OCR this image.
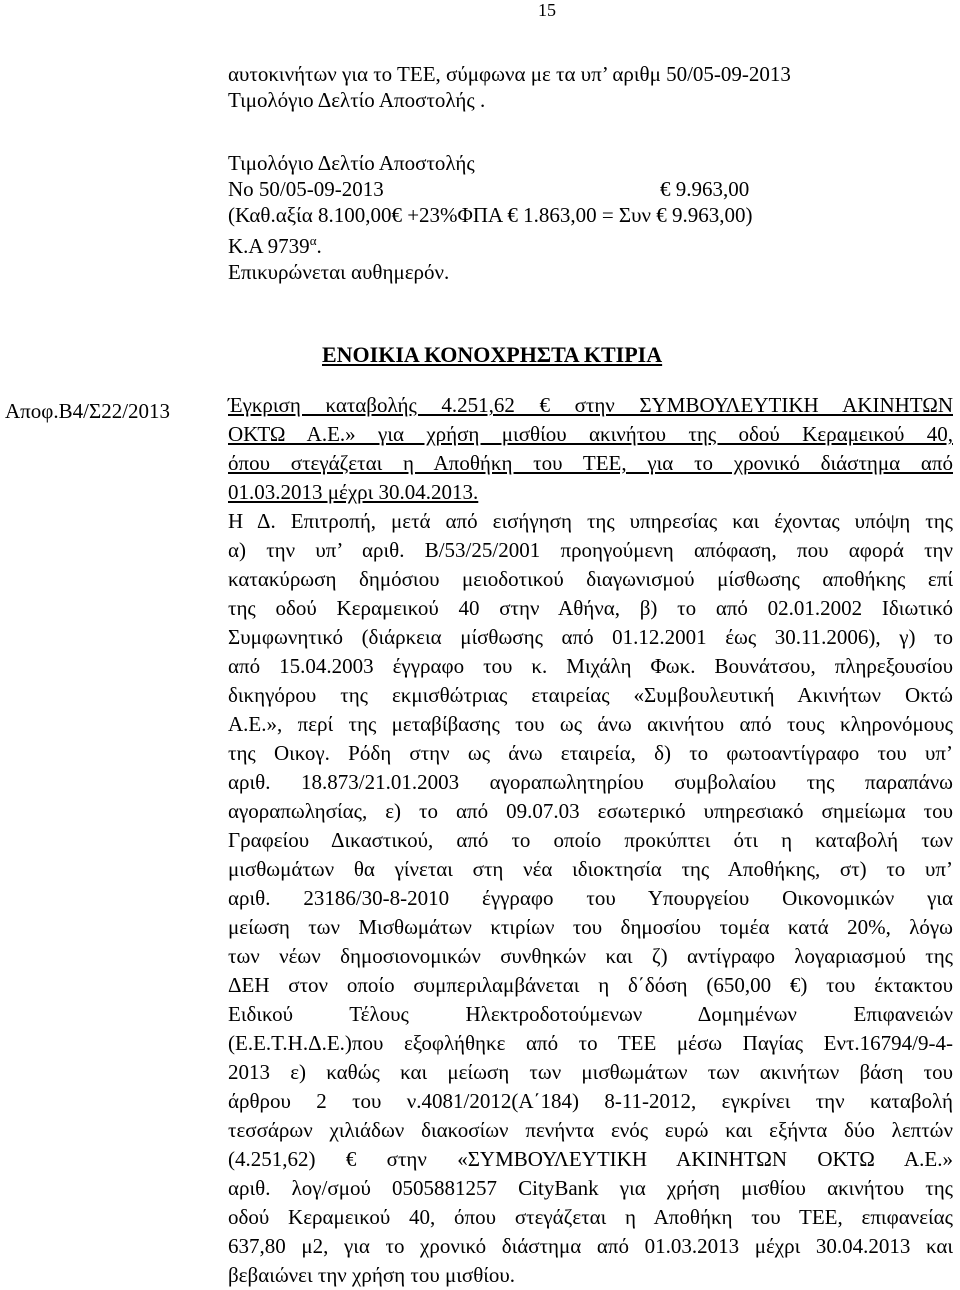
15
αυτοκινήτων για το ΤΕΕ, σύμφωνα με τα υπ’ αριθμ 50/05-09-2013
Τιμολόγιο Δελτίο Αποστολής .
Τιμολόγιο Δελτίο Αποστολής
Νο 50/05-09-2013
(Καθ.αξία 8.100,00€ +23%ΦΠΑ € 1.863,00 = Συν € 9.963,00)
Κ.Α $9739^\alpha$.
Επικυρώνεται αυθημερόν.
€ 9.963,00
ΕΝΟΙΚΙΑ ΚΟΝΟΧΡΗΣΤΑ ΚΤΙΡΙΑ
Αποφ.Β4/Σ22/2013	Έγκριση καταβολής 4.251,62 € στην ΣΥΜΒΟΥΛΕΥΤΙΚΗ ΑΚΙΝΗΤΩΝ
ΟΚΤΩ Α.Ε.» για χρήση μισθίου ακινήτου της οδού Κεραμεικού 40,
όπου στεγάζεται η Αποθήκη του ΤΕΕ, για το χρονικό διάστημα από
01.03.2013 μέχρι 30.04.2013.
Η Δ. Επιτροπή, μετά από εισήγηση της υπηρεσίας και έχοντας υπόψη της
α) την υπ’ αριθ. Β/53/25/2001 προηγούμενη απόφαση, που αφορά την
κατακύρωση δημόσιου μειοδοτικού διαγωνισμού μίσθωσης αποθήκης επί
της οδού Κεραμεικού 40 στην Αθήνα, β) το από 02.01.2002 Ιδιωτικό
Συμφωνητικό (διάρκεια μίσθωσης από 01.12.2001 έως 30.11.2006), γ) το
από 15.04.2003 έγγραφο του κ. Μιχάλη Φωκ. Βουνάτσου, πληρεξουσίου
δικηγόρου της εκμισθώτριας εταιρείας «Συμβουλευτική Ακινήτων Οκτώ
Α.Ε.», περί της μεταβίβασης του ως άνω ακινήτου από τους κληρονόμους
της Οικογ. Ρόδη στην ως άνω εταιρεία, δ) το φωτοαντίγραφο του υπ’
αριθ. 18.873/21.01.2003 αγοραπωλητηρίου συμβολαίου της παραπάνω
αγοραπωλησίας, ε) το από 09.07.03 εσωτερικό υπηρεσιακό σημείωμα του
Γραφείου Δικαστικού, από το οποίο προκύπτει ότι η καταβολή των
μισθωμάτων θα γίνεται στη νέα ιδιοκτησία της Αποθήκης, στ) το υπ’
αριθ. 23186/30-8-2010 έγγραφο του Υπουργείου Οικονομικών για
μείωση των Μισθωμάτων κτιρίων του δημοσίου τομέα κατά 20%, λόγω
των νέων δημοσιονομικών συνθηκών και ζ) αντίγραφο λογαριασμού της
ΔΕΗ στον οποίο συμπεριλαμβάνεται η δ΄δόση (650,00 €) του έκτακτου
Ειδικού Τέλους Ηλεκτροδοτούμενων Δομημένων Επιφανειών
(Ε.Ε.Τ.Η.Δ.Ε.)που εξοφλήθηκε από το ΤΕΕ μέσω Παγίας Εντ.16794/9-4-
2013 ε) καθώς και μείωση των μισθωμάτων των ακινήτων βάση του
άρθρου 2 του ν.4081/2012(Α΄184) 8-11-2012, εγκρίνει την καταβολή
τεσσάρων χιλιάδων διακοσίων πενήντα ενός ευρώ και εξήντα δύο λεπτών
(4.251,62) € στην «ΣΥΜΒΟΥΛΕΥΤΙΚΗ ΑΚΙΝΗΤΩΝ ΟΚΤΩ Α.Ε.»
αριθ. λογ/σμού 0505881257 CityBank για χρήση μισθίου ακινήτου της
οδού Κεραμεικού 40, όπου στεγάζεται η Αποθήκη του ΤΕΕ, επιφανείας
637,80 μ2, για το χρονικό διάστημα από 01.03.2013 μέχρι 30.04.2013 και
βεβαιώνει την χρήση του μισθίου.
